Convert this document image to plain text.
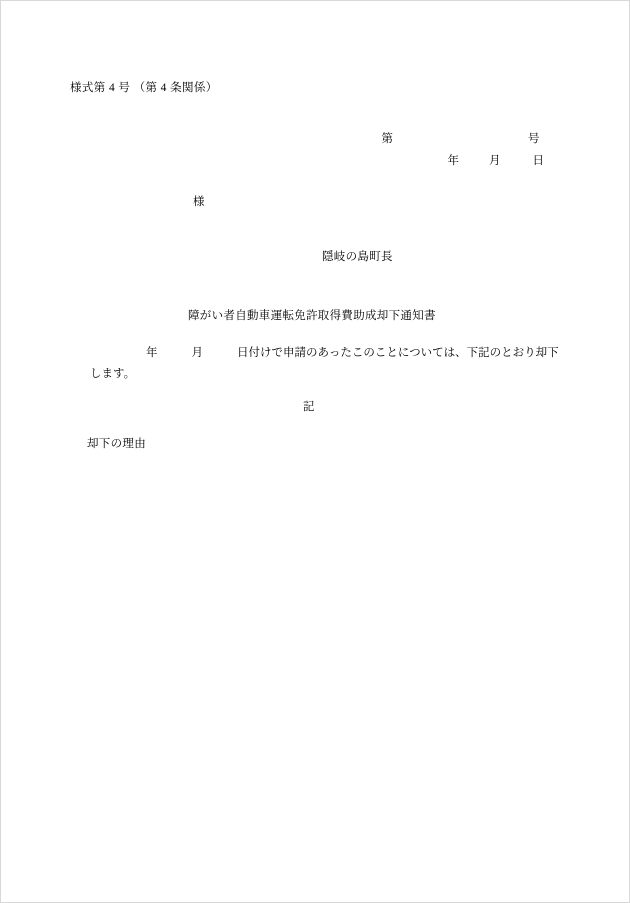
様式第 4 号 （第 4 条関係）

第	号

年	月	日

様
隠岐の島町長
障がい者自動車運転免許取得費助成却下通知書
年	月	日付けで申請のあったこのことについては、下記のとおり却下
します。
記
却下の理由
